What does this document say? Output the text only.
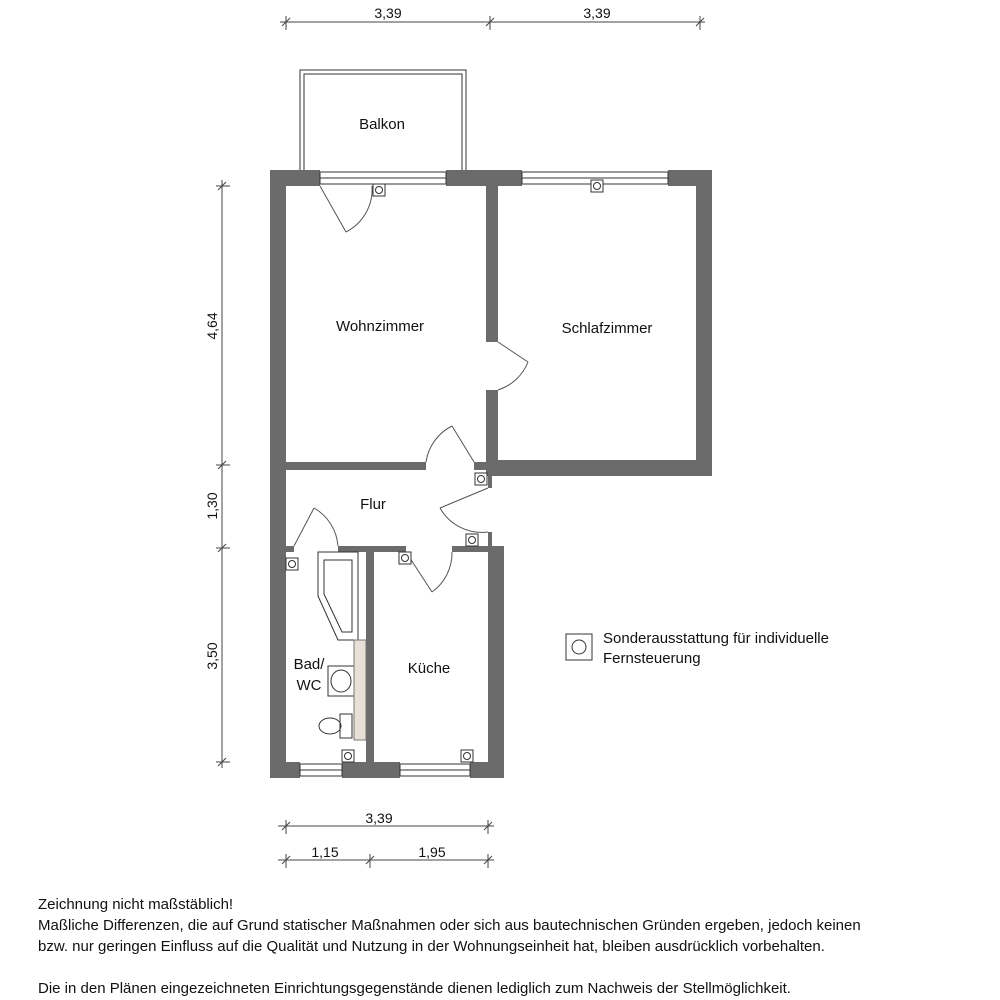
3,39	3,39
4,64
1,30
3,50
Balkon
Wohnzimmer	Schlafzimmer
Flur
Bad/
WC
Küche
Sonderausstattung für individuelle
Fernsteuerung
3,39
1,15	1,95

Zeichnung nicht maßstäblich!

Maßliche Differenzen, die auf Grund statischer Maßnahmen oder sich aus bautechnischen Gründen ergeben, jedoch keinen

bzw. nur geringen Einfluss auf die Qualität und Nutzung in der Wohnungseinheit hat, bleiben ausdrücklich vorbehalten.

Die in den Plänen eingezeichneten Einrichtungsgegenstände dienen lediglich zum Nachweis der Stellmöglichkeit.
